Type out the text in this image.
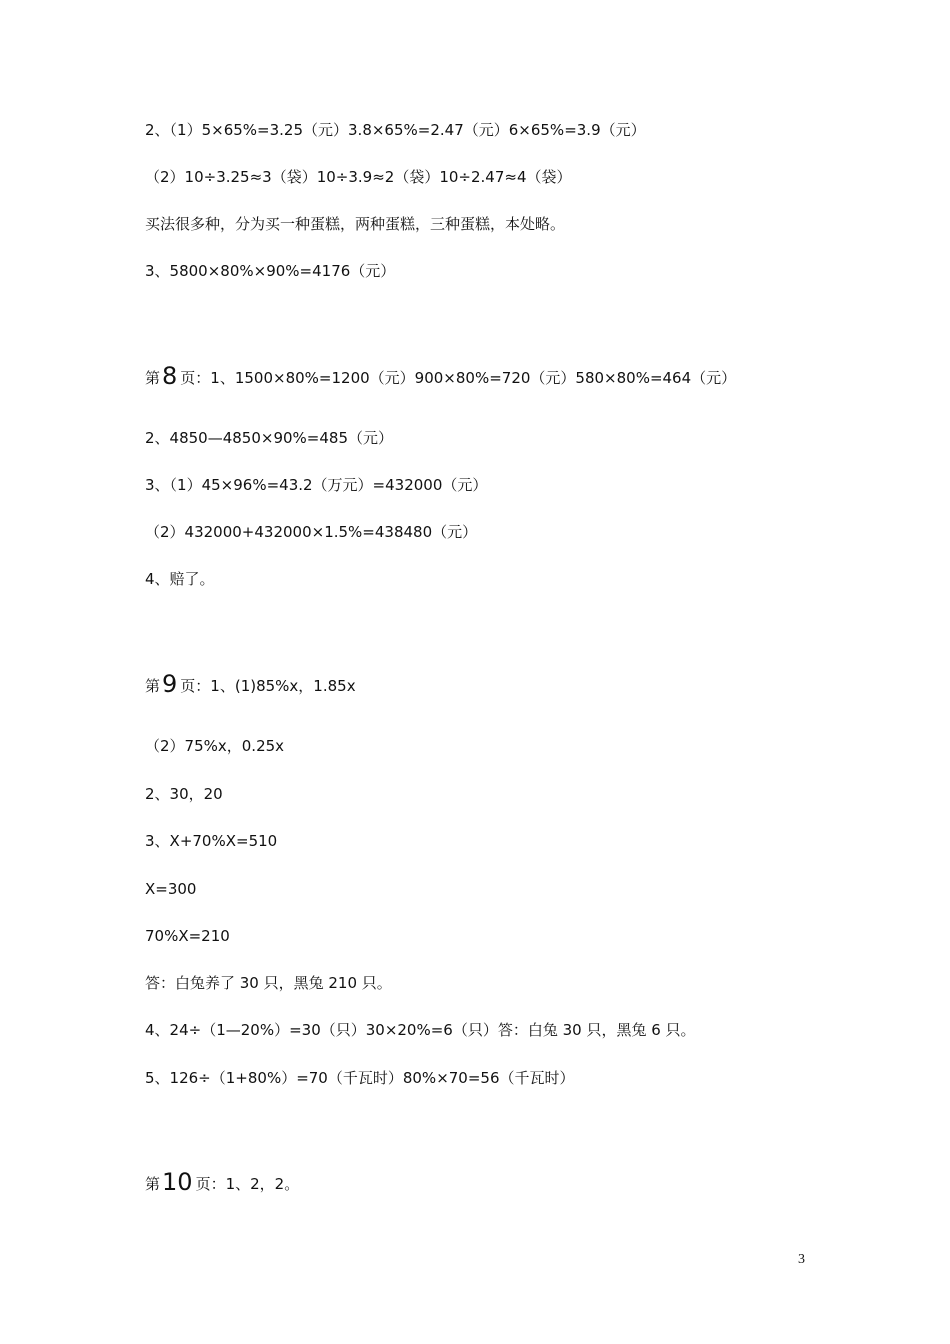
2、（1）5×65%=3.25（元）3.8×65%=2.47（元）6×65%=3.9（元）
（2）10÷3.25≈3（袋）10÷3.9≈2（袋）10÷2.47≈4（袋）
买法很多种，分为买一种蛋糕，两种蛋糕，三种蛋糕，本处略。
3、5800×80%×90%=4176（元）
第8 页：1、1500×80%=1200（元）900×80%=720（元）580×80%=464（元）
2、4850—4850×90%=485（元）
3、（1）45×96%=43.2（万元）=432000（元）
（2）432000+432000×1.5%=438480（元）
4、赔了。
第9 页：1、(1)85%x，1.85x
（2）75%x，0.25x
2、30，20
3、X+70%X=510
X=300
70%X=210
答：白兔养了 30 只，黑兔 210 只。
4、24÷（1—20%）=30（只）30×20%=6（只）答：白兔 30 只，黑兔 6 只。
5、126÷（1+80%）=70（千瓦时）80%×70=56（千瓦时）
第10 页：1、2，2。
3
